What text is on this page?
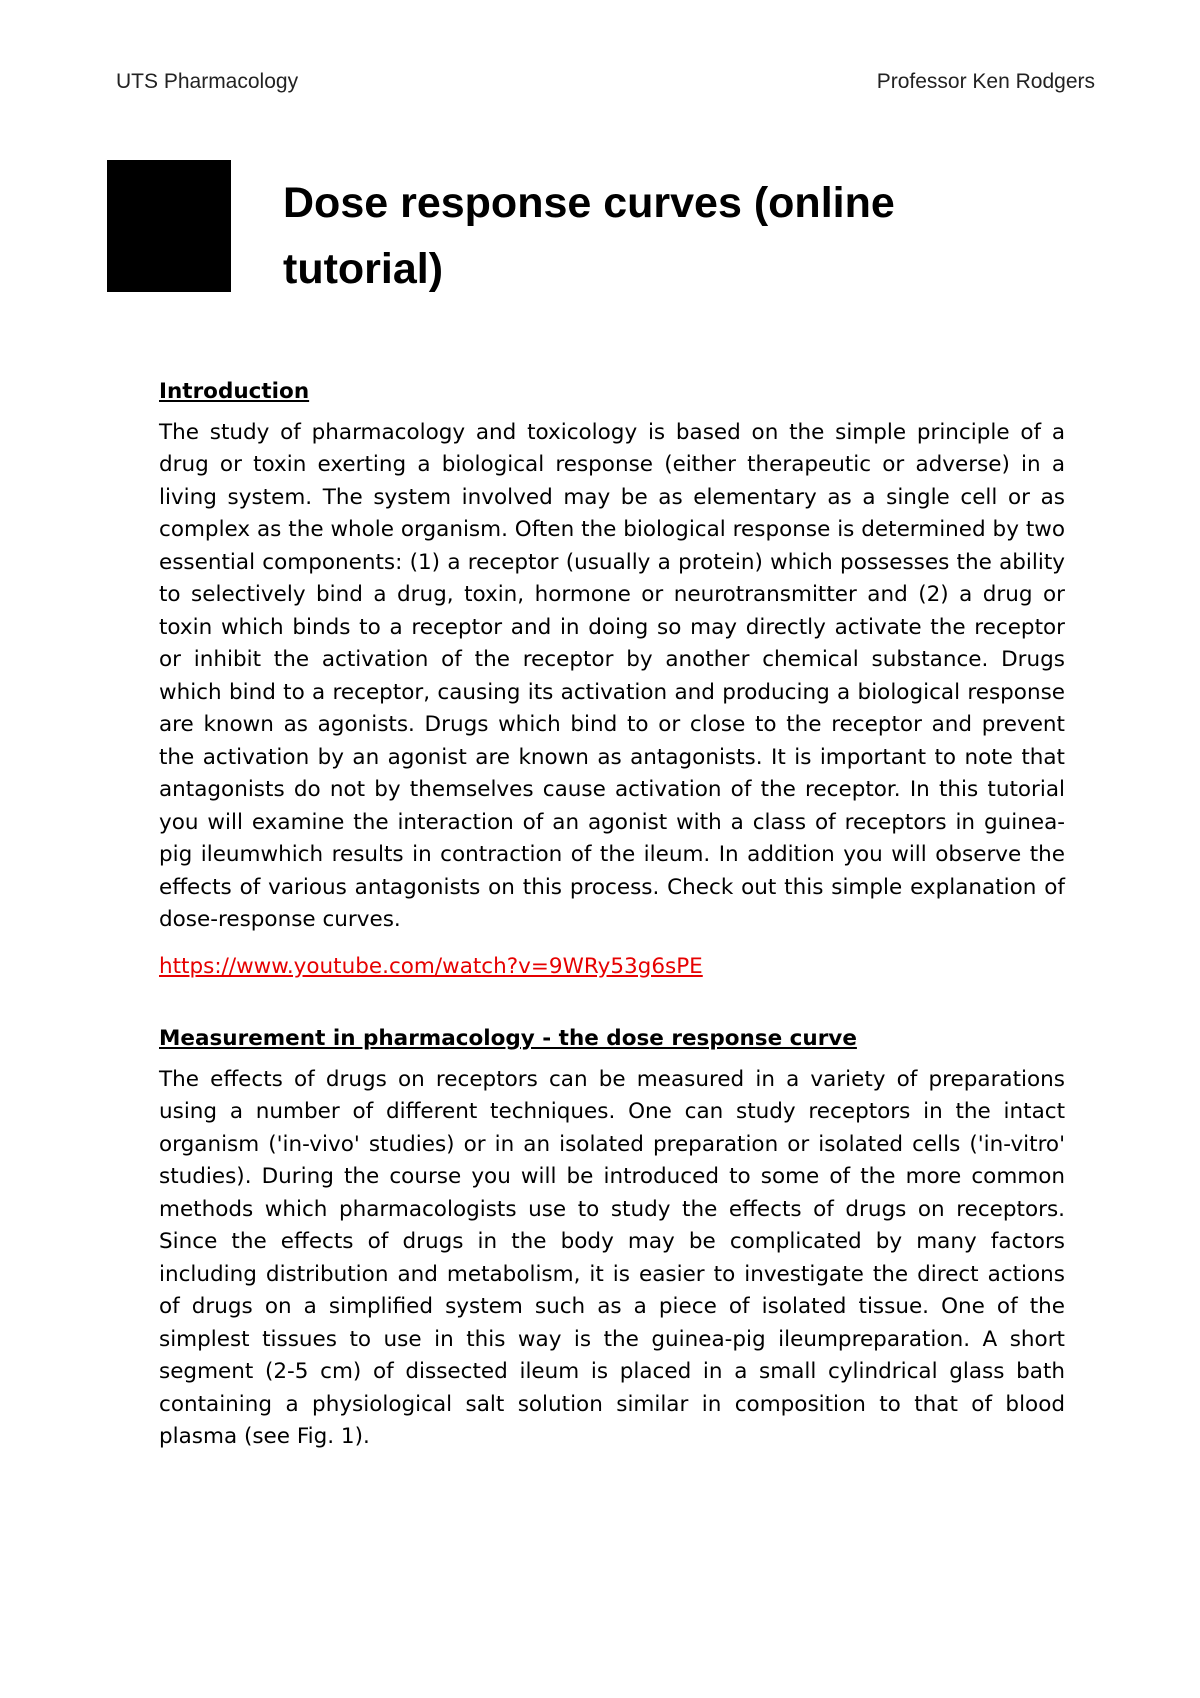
UTS Pharmacology	Professor Ken Rodgers
Dose response curves (online
tutorial)
Introduction

The study of pharmacology and toxicology is based on the simple principle of a drug or toxin exerting a biological response (either therapeutic or adverse) in a living system. The system involved may be as elementary as a single cell or as complex as the whole organism. Often the biological response is determined by two essential components: (1) a receptor (usually a protein) which possesses the ability to selectively bind a drug, toxin, hormone or neurotransmitter and (2) a drug or toxin which binds to a receptor and in doing so may directly activate the receptor or inhibit the activation of the receptor by another chemical substance. Drugs which bind to a receptor, causing its activation and producing a biological response are known as agonists. Drugs which bind to or close to the receptor and prevent the activation by an agonist are known as antagonists. It is important to note that antagonists do not by themselves cause activation of the receptor. In this tutorial you will examine the interaction of an agonist with a class of receptors in guinea-pig ileumwhich results in contraction of the ileum. In addition you will observe the effects of various antagonists on this process. Check out this simple explanation of dose-response curves.

https://www.youtube.com/watch?v=9WRy53g6sPE
Measurement in pharmacology - the dose response curve

The effects of drugs on receptors can be measured in a variety of preparations using a number of different techniques. One can study receptors in the intact organism ('in-vivo' studies) or in an isolated preparation or isolated cells ('in-vitro' studies). During the course you will be introduced to some of the more common methods which pharmacologists use to study the effects of drugs on receptors. Since the effects of drugs in the body may be complicated by many factors including distribution and metabolism, it is easier to investigate the direct actions of drugs on a simplified system such as a piece of isolated tissue. One of the simplest tissues to use in this way is the guinea-pig ileumpreparation. A short segment (2-5 cm) of dissected ileum is placed in a small cylindrical glass bath containing a physiological salt solution similar in composition to that of blood plasma (see Fig. 1).
